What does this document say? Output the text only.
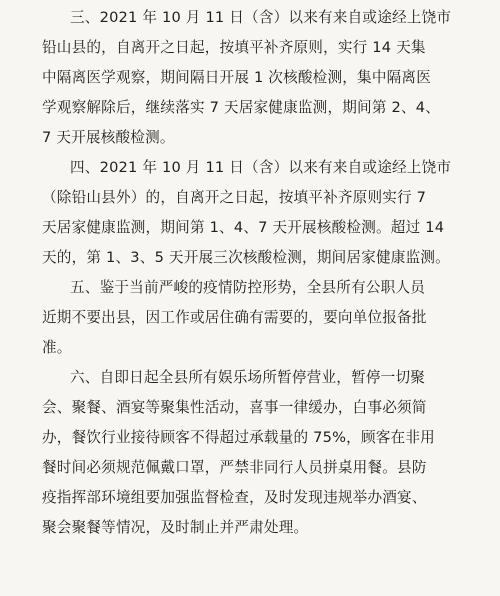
三、2021 年 10 月 11 日（含）以来有来自或途经上饶市

铅山县的，自离开之日起，按填平补齐原则，实行 14 天集

中隔离医学观察，期间隔日开展 1 次核酸检测，集中隔离医

学观察解除后，继续落实 7 天居家健康监测，期间第 2、4、

7 天开展核酸检测。

四、2021 年 10 月 11 日（含）以来有来自或途经上饶市

（除铅山县外）的，自离开之日起，按填平补齐原则实行 7

天居家健康监测，期间第 1、4、7 天开展核酸检测。超过 14

天的，第 1、3、5 天开展三次核酸检测，期间居家健康监测。

五、鉴于当前严峻的疫情防控形势，全县所有公职人员

近期不要出县，因工作或居住确有需要的，要向单位报备批

准。

六、自即日起全县所有娱乐场所暂停营业，暂停一切聚

会、聚餐、酒宴等聚集性活动，喜事一律缓办，白事必须简

办，餐饮行业接待顾客不得超过承载量的 75%，顾客在非用

餐时间必须规范佩戴口罩，严禁非同行人员拼桌用餐。县防

疫指挥部环境组要加强监督检查，及时发现违规举办酒宴、

聚会聚餐等情况，及时制止并严肃处理。
